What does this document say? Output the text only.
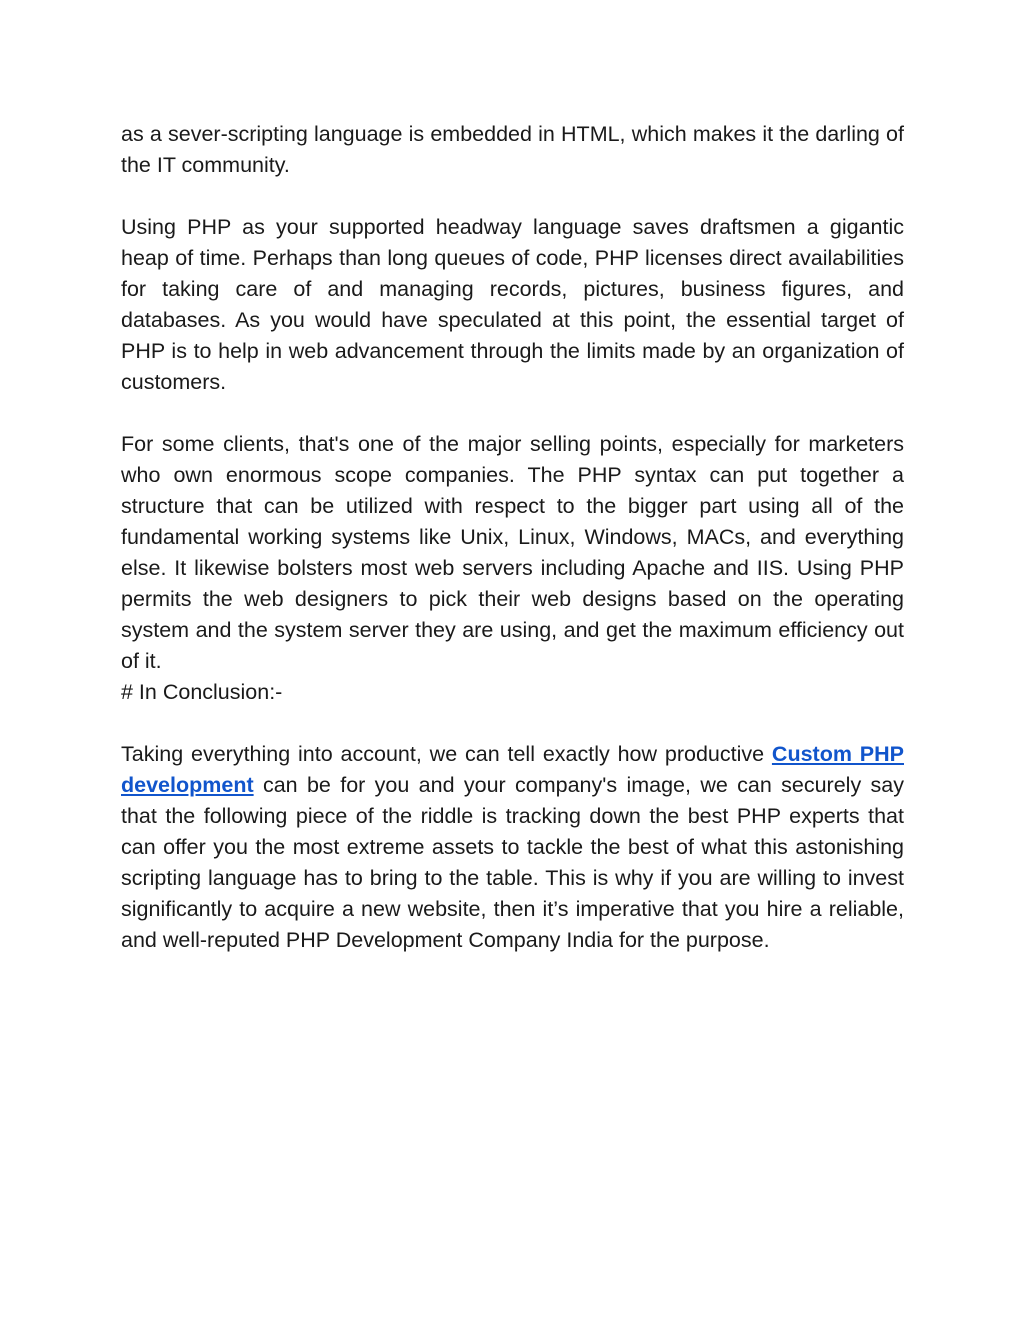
as a sever-scripting language is embedded in HTML, which makes it the darling of the IT community.

Using PHP as your supported headway language saves draftsmen a gigantic heap of time. Perhaps than long queues of code, PHP licenses direct availabilities for taking care of and managing records, pictures, business figures, and databases. As you would have speculated at this point, the essential target of PHP is to help in web advancement through the limits made by an organization of customers.

For some clients, that's one of the major selling points, especially for marketers who own enormous scope companies. The PHP syntax can put together a structure that can be utilized with respect to the bigger part using all of the fundamental working systems like Unix, Linux, Windows, MACs, and everything else. It likewise bolsters most web servers including Apache and IIS. Using PHP permits the web designers to pick their web designs based on the operating system and the system server they are using, and get the maximum efficiency out of it.

# In Conclusion:-

Taking everything into account, we can tell exactly how productive Custom PHP development can be for you and your company's image, we can securely say that the following piece of the riddle is tracking down the best PHP experts that can offer you the most extreme assets to tackle the best of what this astonishing scripting language has to bring to the table. This is why if you are willing to invest significantly to acquire a new website, then it’s imperative that you hire a reliable, and well-reputed PHP Development Company India for the purpose.
